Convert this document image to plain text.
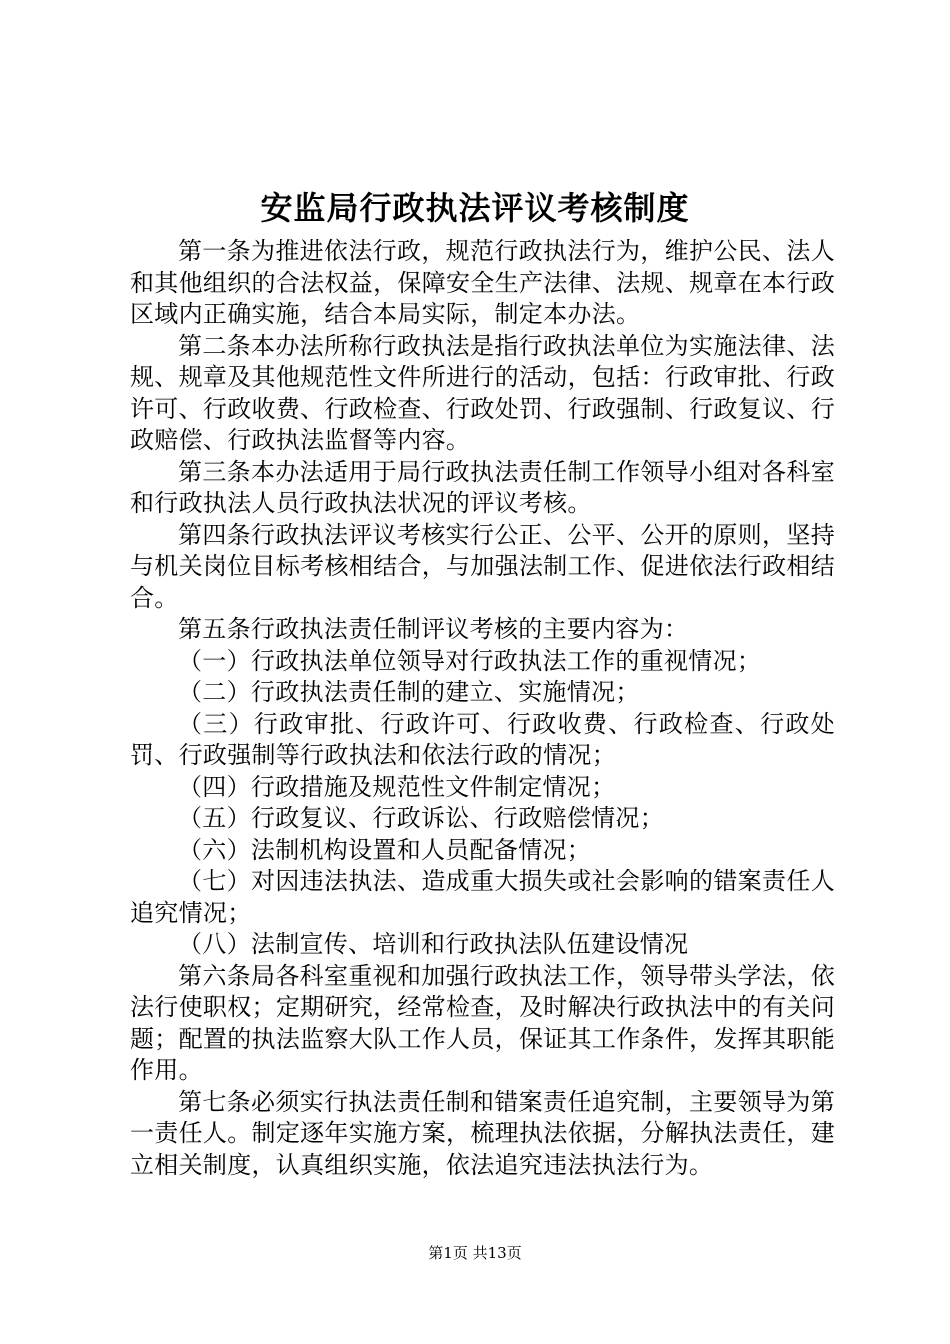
安监局行政执法评议考核制度

第一条为推进依法行政，规范行政执法行为，维护公民、法人和其他组织的合法权益，保障安全生产法律、法规、规章在本行政区域内正确实施，结合本局实际，制定本办法。

第二条本办法所称行政执法是指行政执法单位为实施法律、法规、规章及其他规范性文件所进行的活动，包括：行政审批、行政许可、行政收费、行政检查、行政处罚、行政强制、行政复议、行政赔偿、行政执法监督等内容。

第三条本办法适用于局行政执法责任制工作领导小组对各科室和行政执法人员行政执法状况的评议考核。

第四条行政执法评议考核实行公正、公平、公开的原则，坚持与机关岗位目标考核相结合，与加强法制工作、促进依法行政相结合。

第五条行政执法责任制评议考核的主要内容为：

（一）行政执法单位领导对行政执法工作的重视情况；

（二）行政执法责任制的建立、实施情况；

（三）行政审批、行政许可、行政收费、行政检查、行政处罚、行政强制等行政执法和依法行政的情况；

（四）行政措施及规范性文件制定情况；

（五）行政复议、行政诉讼、行政赔偿情况；

（六）法制机构设置和人员配备情况；

（七）对因违法执法、造成重大损失或社会影响的错案责任人追究情况；

（八）法制宣传、培训和行政执法队伍建设情况

第六条局各科室重视和加强行政执法工作，领导带头学法，依法行使职权；定期研究，经常检查，及时解决行政执法中的有关问题；配置的执法监察大队工作人员，保证其工作条件，发挥其职能作用。

第七条必须实行执法责任制和错案责任追究制，主要领导为第一责任人。制定逐年实施方案，梳理执法依据，分解执法责任，建立相关制度，认真组织实施，依法追究违法执法行为。

第1页 共13页
